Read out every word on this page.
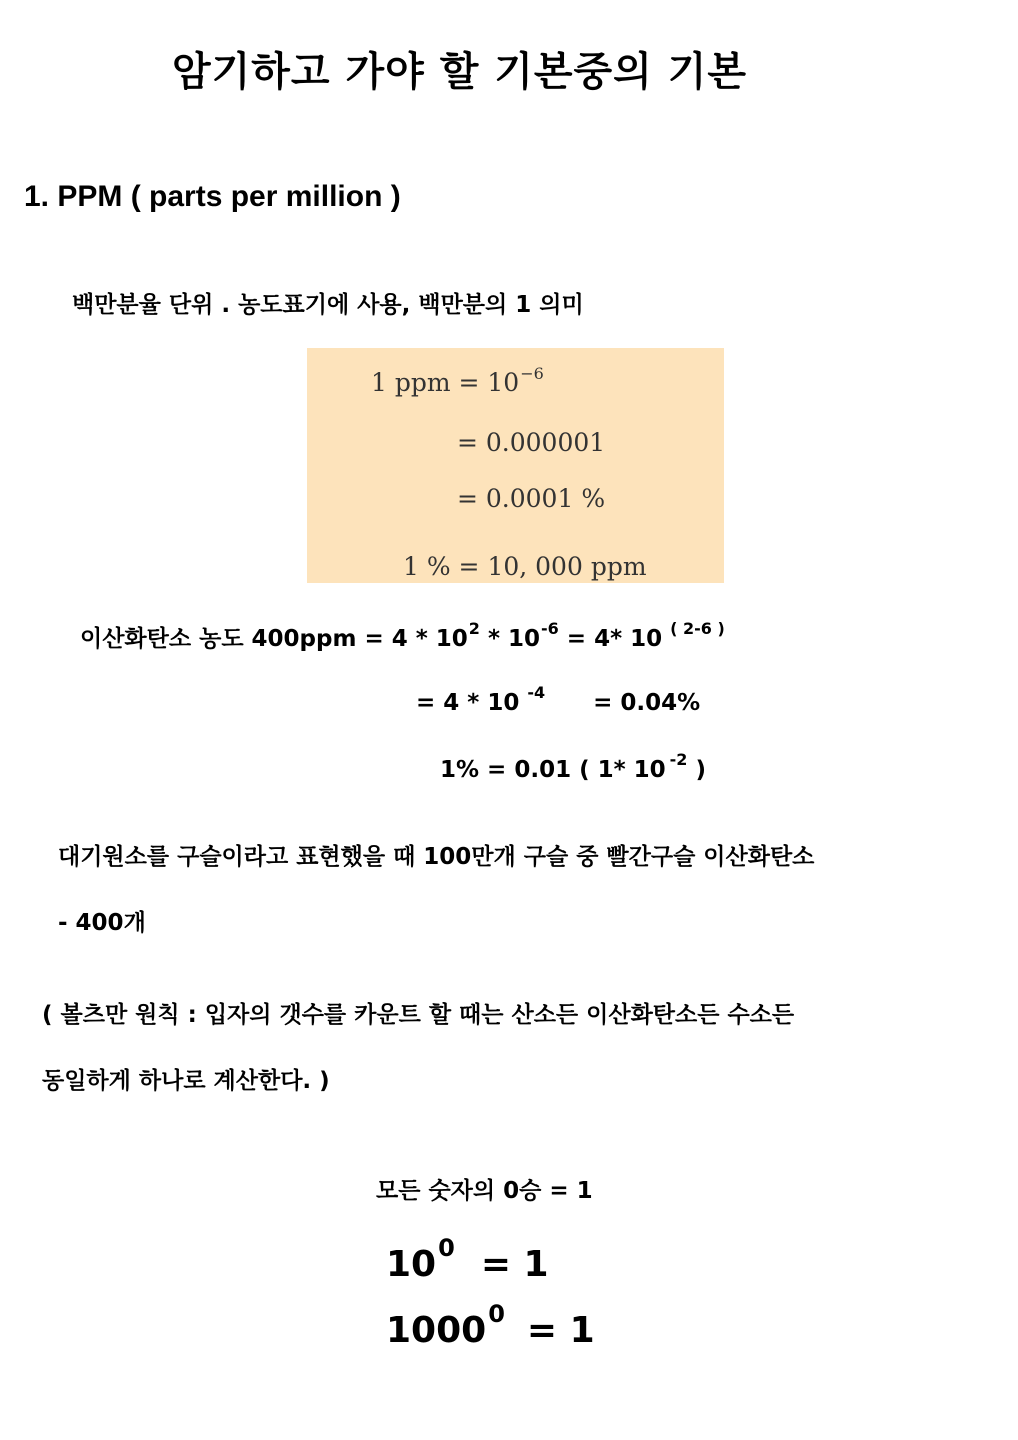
암기하고 가야 할 기본중의 기본
1. PPM ( parts per million )
백만분율 단위 . 농도표기에 사용, 백만분의 1 의미
1 ppm = $10^{-6}$
= 0.000001
= 0.0001 %
1 % = 10, 000 ppm
이산화탄소 농도 $400ppm = 4 * 10^2 * 10^{-6} = 4*$ 10 $^{( 2-6 )}$
= 4 * 10 $^{-4}$ = 0.04%
1% = 0.01 ( 1* 10 $^{-2}$ )
대기원소를 구슬이라고 표현했을 때 100만개 구슬 중 빨간구슬 이산화탄소
- 400개
( 볼츠만 원칙 : 입자의 갯수를 카운트 할 때는 산소든 이산화탄소든 수소든
동일하게 하나로 계산한다. )
모든 숫자의 0승 = 1
$10^0 = 1$
$1000^0 = 1$
